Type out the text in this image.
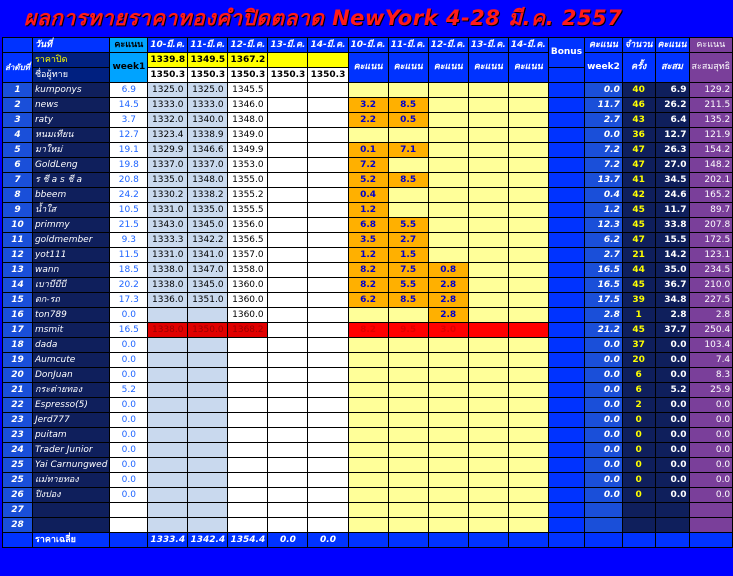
ผลการทายราคาทองคำปิดตลาด NewYork 4-28 มี.ค. 2557
	วันที่	คะแนน	10-มี.ค.	11-มี.ค.	12-มี.ค.	13-มี.ค.	14-มี.ค.	10-มี.ค.	11-มี.ค.	12-มี.ค.	13-มี.ค.	14-มี.ค.	Bonus	คะแนน	จำนวน	คะแนน	คะแนน
ลำดับที่	ราคาปิด	week1	1339.8	1349.5	1367.2			คะแนน	คะแนน	คะแนน	คะแนน	คะแนน		week2	ครั้ง	สะสม	สะสมสุทธิ
	ชื่อผู้ทาย		1350.3	1350.3	1350.3	1350.3	1350.3										
1	kumponys	6.9	1325.0	1325.0	1345.5									0.0	40	6.9	129.2
2	news	14.5	1333.0	1333.0	1346.0			3.2	8.5					11.7	46	26.2	211.5
3	raty	3.7	1332.0	1340.0	1348.0			2.2	0.5					2.7	43	6.4	135.2
4	หนมเทียน	12.7	1323.4	1338.9	1349.0									0.0	36	12.7	121.9
5	มาใหม่	19.1	1329.9	1346.6	1349.9			0.1	7.1					7.2	47	26.3	154.2
6	GoldLeng	19.8	1337.0	1337.0	1353.0			7.2						7.2	47	27.0	148.2
7	ร ชี a s ชี a	20.8	1335.0	1348.0	1355.0			5.2	8.5					13.7	41	34.5	202.1
8	bbeem	24.2	1330.2	1338.2	1355.2			0.4						0.4	42	24.6	165.2
9	น้ำใส	10.5	1331.0	1335.0	1355.5			1.2						1.2	45	11.7	89.7
10	primmy	21.5	1343.0	1345.0	1356.0			6.8	5.5					12.3	45	33.8	207.8
11	goldmember	9.3	1333.3	1342.2	1356.5			3.5	2.7					6.2	47	15.5	172.5
12	yot111	11.5	1331.0	1341.0	1357.0			1.2	1.5					2.7	21	14.2	123.1
13	wann	18.5	1338.0	1347.0	1358.0			8.2	7.5	0.8				16.5	44	35.0	234.5
14	เบาบีบีบี	20.2	1338.0	1345.0	1360.0			8.2	5.5	2.8				16.5	45	36.7	210.0
15	ดก-รถ	17.3	1336.0	1351.0	1360.0			6.2	8.5	2.8				17.5	39	34.8	227.5
16	ton789	0.0			1360.0					2.8				2.8	1	2.8	2.8
17	msmit	16.5	1338.0	1350.0	1368.2			8.2	9.5	3.0				21.2	45	37.7	250.4
18	dada	0.0												0.0	37	0.0	103.4
19	Aumcute	0.0												0.0	20	0.0	7.4
20	DonJuan	0.0												0.0	6	0.0	8.3
21	กระต่ายทอง	5.2												0.0	6	5.2	25.9
22	Espresso(5)	0.0												0.0	2	0.0	0.0
23	Jerd777	0.0												0.0	0	0.0	0.0
23	puitam	0.0												0.0	0	0.0	0.0
24	Trader Junior	0.0												0.0	0	0.0	0.0
25	Yai Carnungwed	0.0												0.0	0	0.0	0.0
25	แม่ทายทอง	0.0												0.0	0	0.0	0.0
26	ปิงปอง	0.0												0.0	0	0.0	0.0
27																	
28																	
	ราคาเฉลี่ย		1333.4	1342.4	1354.4	0.0	0.0										
